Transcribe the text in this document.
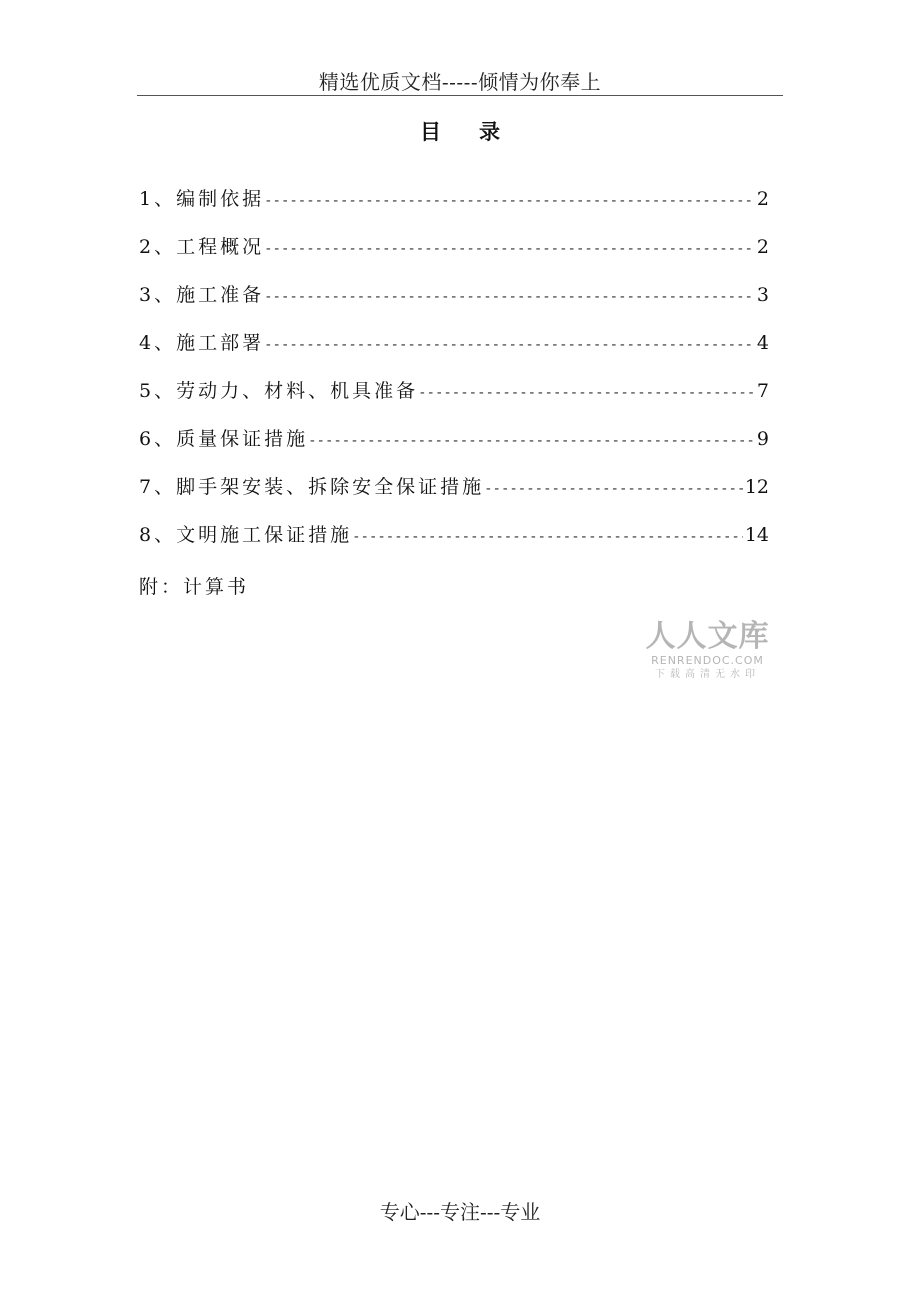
精选优质文档-----倾情为你奉上
目录
1、编制依据 -----	2
2、工程概况 -----	2
3、施工准备 -----	3
4、施工部署 -----	4
5、劳动力、材料、机具准备 -----	7
6、质量保证措施 -----	9
7、脚手架安装、拆除安全保证措施 -----	12
8、文明施工保证措施 -----	14
附：计算书
人人文库
RENRENDOC.COM
下载高清无水印
专心---专注---专业
